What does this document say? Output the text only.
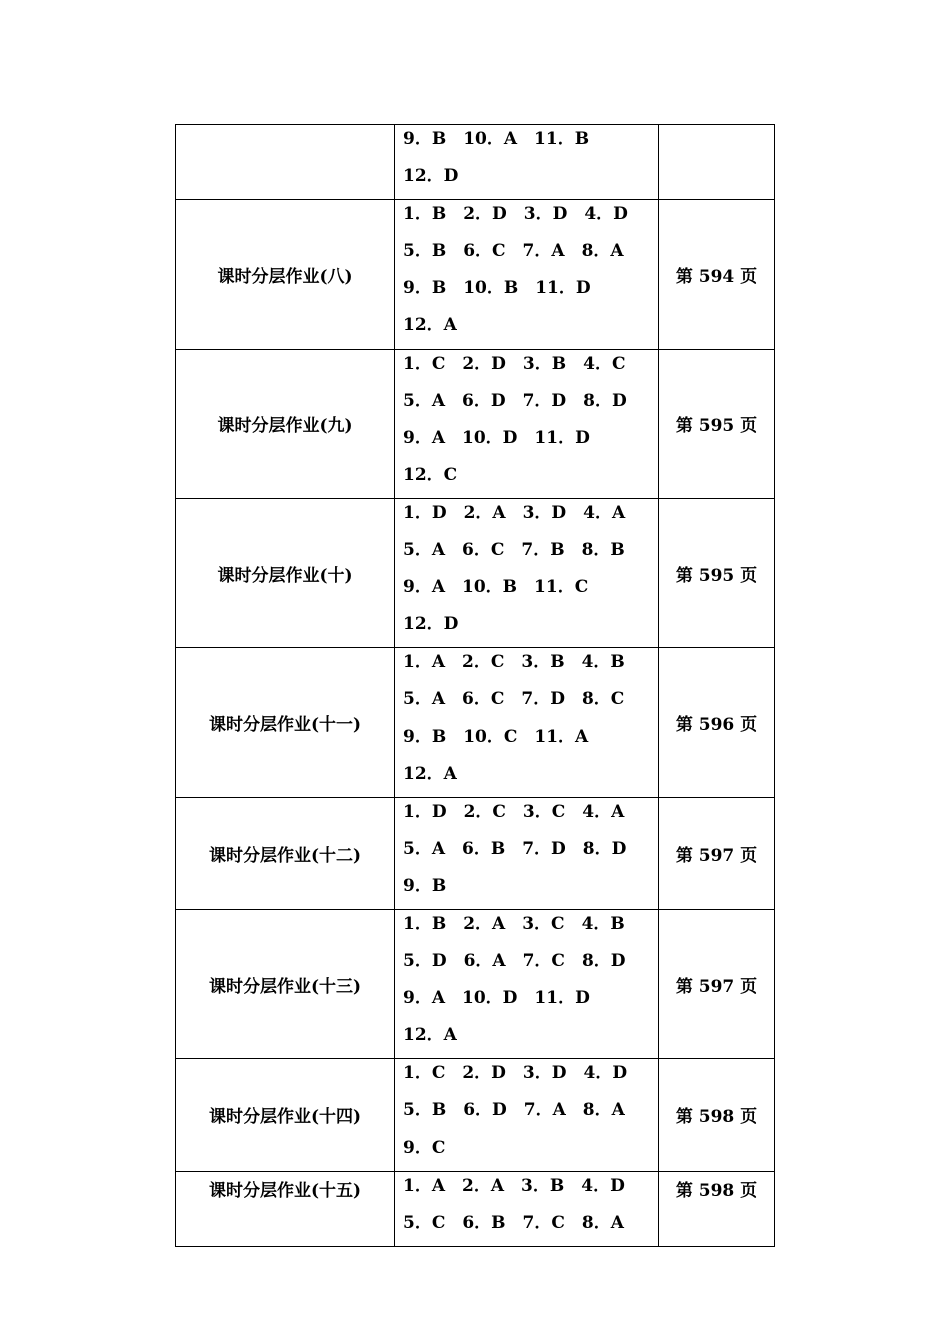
	9．B　10．A　11．B
12．D	

课时分层作业(八)	1．B　2．D　3．D　4．D
5．B　6．C　7．A　8．A
9．B　10．B　11．D
12．A	第 594 页
课时分层作业(九)	1．C　2．D　3．B　4．C
5．A　6．D　7．D　8．D
9．A　10．D　11．D
12．C	第 595 页
课时分层作业(十)	1．D　2．A　3．D　4．A
5．A　6．C　7．B　8．B
9．A　10．B　11．C
12．D	第 595 页
课时分层作业(十一)	1．A　2．C　3．B　4．B
5．A　6．C　7．D　8．C
9．B　10．C　11．A
12．A	第 596 页
课时分层作业(十二)	1．D　2．C　3．C　4．A
5．A　6．B　7．D　8．D
9．B	第 597 页
课时分层作业(十三)	1．B　2．A　3．C　4．B
5．D　6．A　7．C　8．D
9．A　10．D　11．D
12．A	第 597 页
课时分层作业(十四)	1．C　2．D　3．D　4．D
5．B　6．D　7．A　8．A
9．C	第 598 页
课时分层作业(十五)	1．A　2．A　3．B　4．D
5．C　6．B　7．C　8．A	第 598 页
